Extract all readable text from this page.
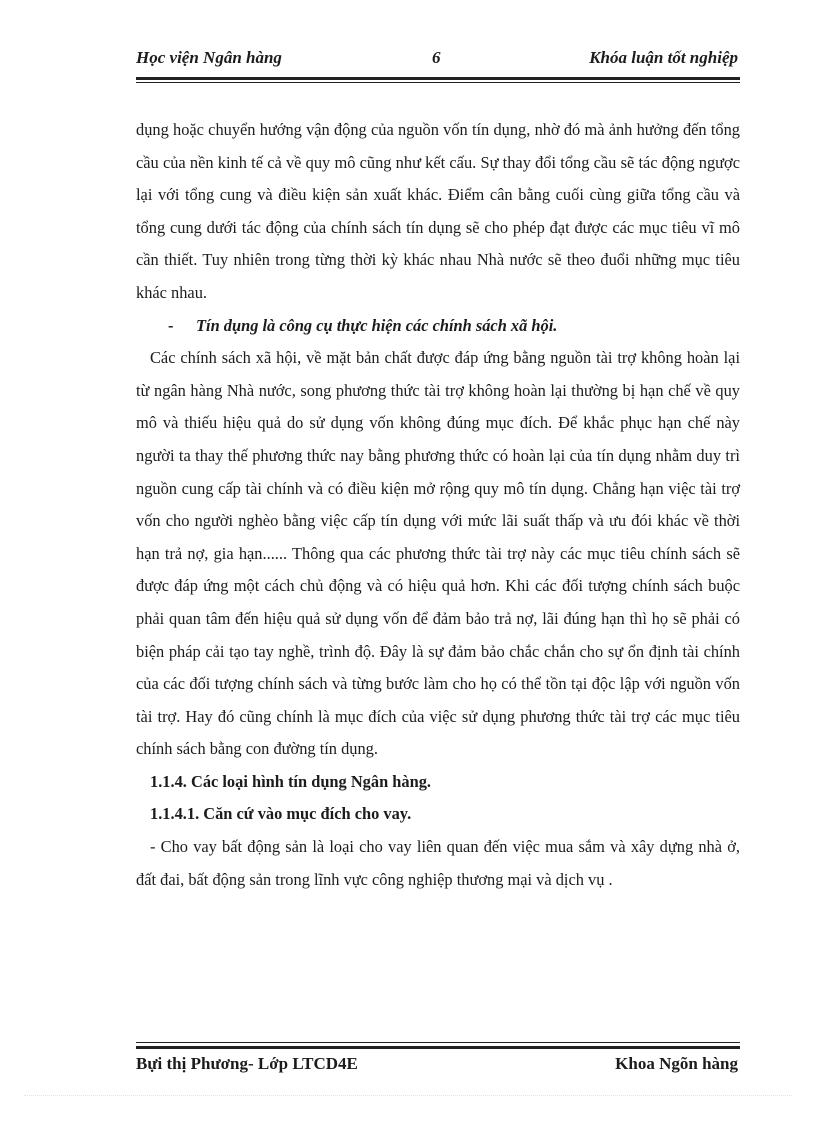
Học viện Ngân hàng	6	Khóa luận tốt nghiệp

dụng hoặc chuyển hướng vận động của nguồn vốn tín dụng, nhờ đó mà ảnh hưởng đến tổng cầu của nền kinh tế cả về quy mô cũng như kết cấu. Sự thay đổi tổng cầu sẽ tác động ngược lại với tổng cung và điều kiện sản xuất khác. Điểm cân bằng cuối cùng giữa tổng cầu và tổng cung dưới tác động của chính sách tín dụng sẽ cho phép đạt được các mục tiêu vĩ mô cần thiết. Tuy nhiên trong từng thời kỳ khác nhau Nhà nước sẽ theo đuổi những mục tiêu khác nhau.

- Tín dụng là công cụ thực hiện các chính sách xã hội.

Các chính sách xã hội, về mặt bản chất được đáp ứng bằng nguồn tài trợ không hoàn lại từ ngân hàng Nhà nước, song phương thức tài trợ không hoàn lại thường bị hạn chế về quy mô và thiếu hiệu quả do sử dụng vốn không đúng mục đích. Để khắc phục hạn chế này người ta thay thế phương thức nay bằng phương thức có hoàn lại của tín dụng nhằm duy trì nguồn cung cấp tài chính và có điều kiện mở rộng quy mô tín dụng. Chẳng hạn việc tài trợ vốn cho người nghèo bằng việc cấp tín dụng với mức lãi suất thấp và ưu đói khác về thời hạn trả nợ, gia hạn...... Thông qua các phương thức tài trợ này các mục tiêu chính sách sẽ được đáp ứng một cách chủ động và có hiệu quả hơn. Khi các đối tượng chính sách buộc phải quan tâm đến hiệu quả sử dụng vốn để đảm bảo trả nợ, lãi đúng hạn thì họ sẽ phải có biện pháp cải tạo tay nghề, trình độ. Đây là sự đảm bảo chắc chắn cho sự ổn định tài chính của các đối tượng chính sách và từng bước làm cho họ có thể tồn tại độc lập với nguồn vốn tài trợ. Hay đó cũng chính là mục đích của việc sử dụng phương thức tài trợ các mục tiêu chính sách bằng con đường tín dụng.

1.1.4. Các loại hình tín dụng Ngân hàng.

1.1.4.1. Căn cứ vào mục đích cho vay.

- Cho vay bất động sản là loại cho vay liên quan đến việc mua sắm và xây dựng nhà ở, đất đai, bất động sản trong lĩnh vực công nghiệp thương mại và dịch vụ .

Bựi thị Phương- Lớp LTCD4E	Khoa Ngõn hàng
